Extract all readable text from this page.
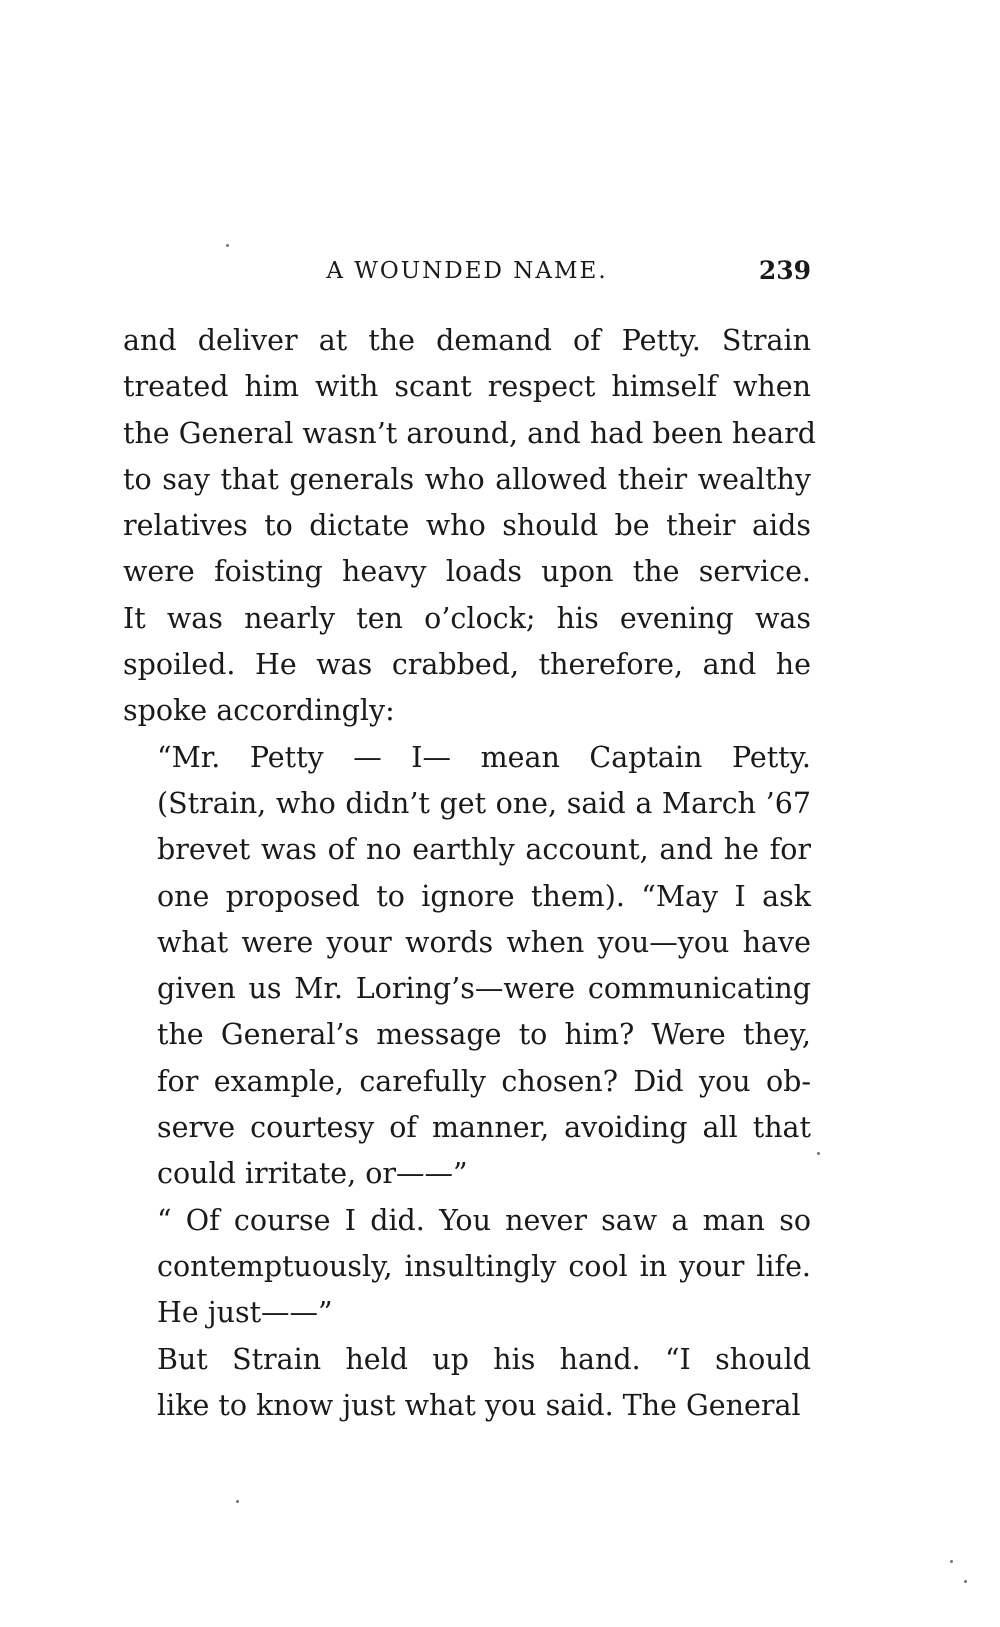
A WOUNDED NAME.	239

and deliver at the demand of Petty. Strain
treated him with scant respect himself when
the General wasn’t around, and had been heard
to say that generals who allowed their wealthy
relatives to dictate who should be their aids
were foisting heavy loads upon the service.
It was nearly ten o’clock; his evening was
spoiled. He was crabbed, therefore, and he
spoke accordingly:

“Mr. Petty — I— mean Captain Petty.
(Strain, who didn’t get one, said a March ’67
brevet was of no earthly account, and he for
one proposed to ignore them). “May I ask
what were your words when you—you have
given us Mr. Loring’s—were communicating
the General’s message to him? Were they,
for example, carefully chosen? Did you ob-
serve courtesy of manner, avoiding all that
could irritate, or——”

“ Of course I did. You never saw a man so
contemptuously, insultingly cool in your life.
He just——”

But Strain held up his hand. “I should
like to know just what you said. The General
